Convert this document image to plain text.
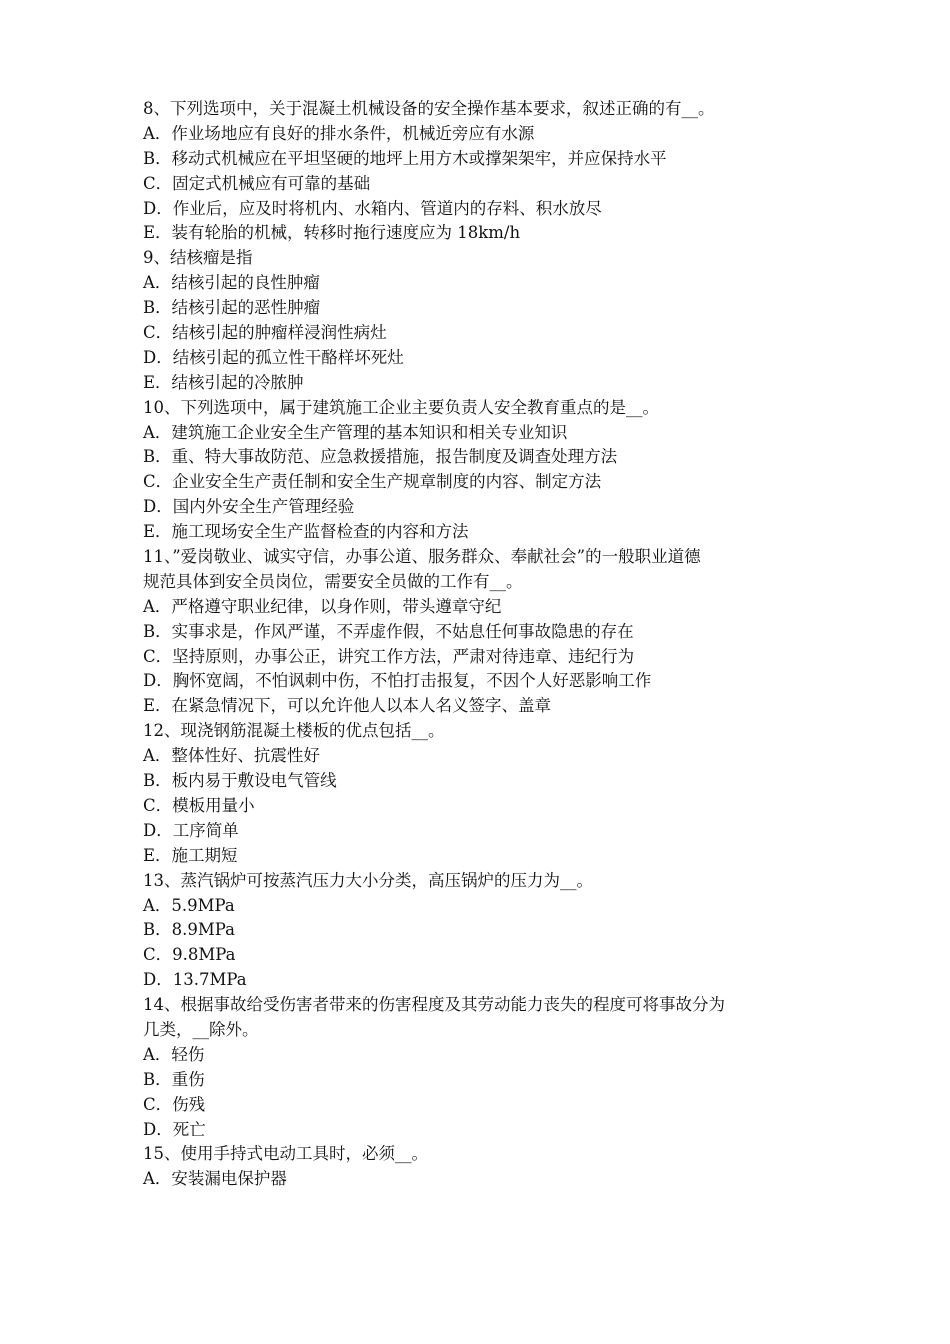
8、下列选项中，关于混凝土机械设备的安全操作基本要求，叙述正确的有__。
A．作业场地应有良好的排水条件，机械近旁应有水源
B．移动式机械应在平坦坚硬的地坪上用方木或撑架架牢，并应保持水平
C．固定式机械应有可靠的基础
D．作业后，应及时将机内、水箱内、管道内的存料、积水放尽
E．装有轮胎的机械，转移时拖行速度应为 18km/h
9、结核瘤是指
A．结核引起的良性肿瘤
B．结核引起的恶性肿瘤
C．结核引起的肿瘤样浸润性病灶
D．结核引起的孤立性干酪样坏死灶
E．结核引起的冷脓肿
10、下列选项中，属于建筑施工企业主要负责人安全教育重点的是__。
A．建筑施工企业安全生产管理的基本知识和相关专业知识
B．重、特大事故防范、应急救援措施，报告制度及调查处理方法
C．企业安全生产责任制和安全生产规章制度的内容、制定方法
D．国内外安全生产管理经验
E．施工现场安全生产监督检查的内容和方法
11、”爱岗敬业、诚实守信，办事公道、服务群众、奉献社会”的一般职业道德
规范具体到安全员岗位，需要安全员做的工作有__。
A．严格遵守职业纪律，以身作则，带头遵章守纪
B．实事求是，作风严谨，不弄虚作假，不姑息任何事故隐患的存在
C．坚持原则，办事公正，讲究工作方法，严肃对待违章、违纪行为
D．胸怀宽阔，不怕讽刺中伤，不怕打击报复，不因个人好恶影响工作
E．在紧急情况下，可以允许他人以本人名义签字、盖章
12、现浇钢筋混凝土楼板的优点包括__。
A．整体性好、抗震性好
B．板内易于敷设电气管线
C．模板用量小
D．工序简单
E．施工期短
13、蒸汽锅炉可按蒸汽压力大小分类，高压锅炉的压力为__。
A．5.9MPa
B．8.9MPa
C．9.8MPa
D．13.7MPa
14、根据事故给受伤害者带来的伤害程度及其劳动能力丧失的程度可将事故分为
几类，__除外。
A．轻伤
B．重伤
C．伤残
D．死亡
15、使用手持式电动工具时，必须__。
A．安装漏电保护器
